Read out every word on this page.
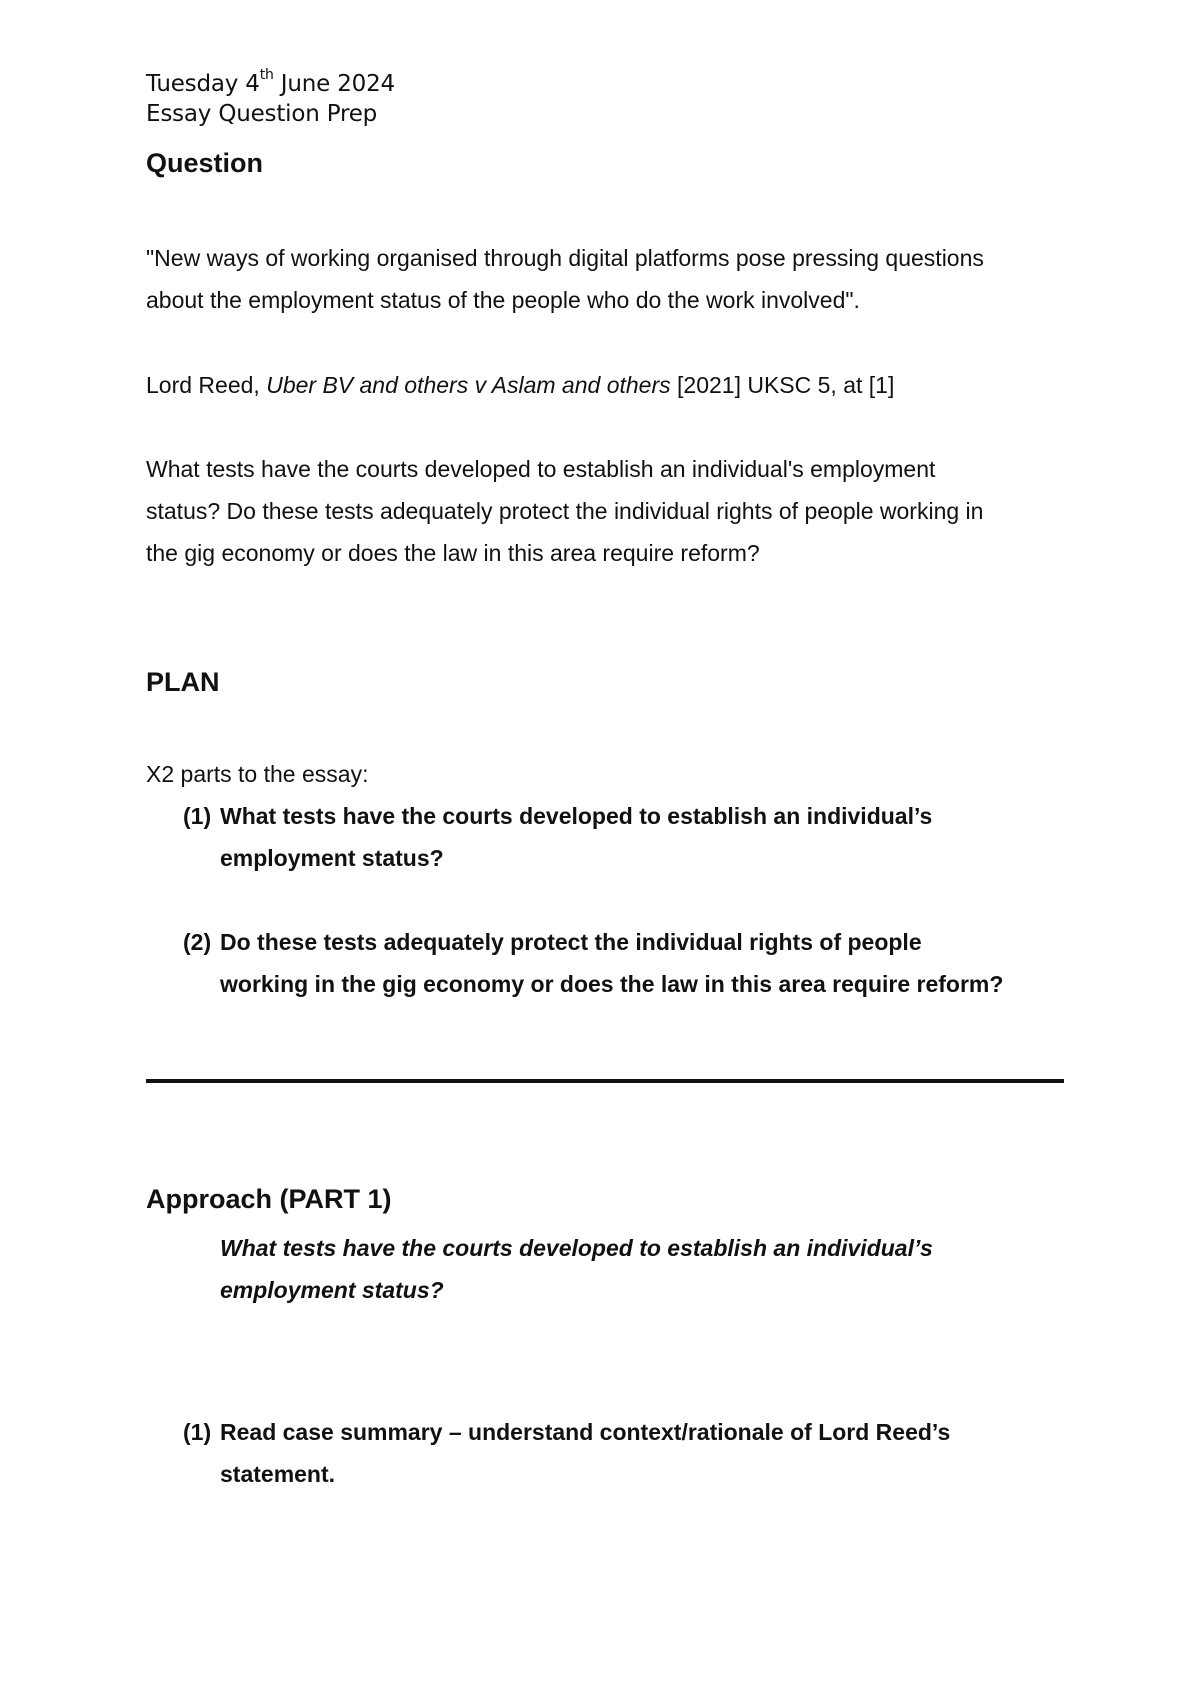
Tuesday 4th June 2024
Essay Question Prep
Question
"New ways of working organised through digital platforms pose pressing questions
about the employment status of the people who do the work involved".
Lord Reed, Uber BV and others v Aslam and others [2021] UKSC 5, at [1]
What tests have the courts developed to establish an individual's employment
status? Do these tests adequately protect the individual rights of people working in
the gig economy or does the law in this area require reform?
PLAN
X2 parts to the essay:
(1) What tests have the courts developed to establish an individual’s
employment status?
(2) Do these tests adequately protect the individual rights of people
working in the gig economy or does the law in this area require reform?
Approach (PART 1)
What tests have the courts developed to establish an individual’s
employment status?
(1) Read case summary – understand context/rationale of Lord Reed’s
statement.
